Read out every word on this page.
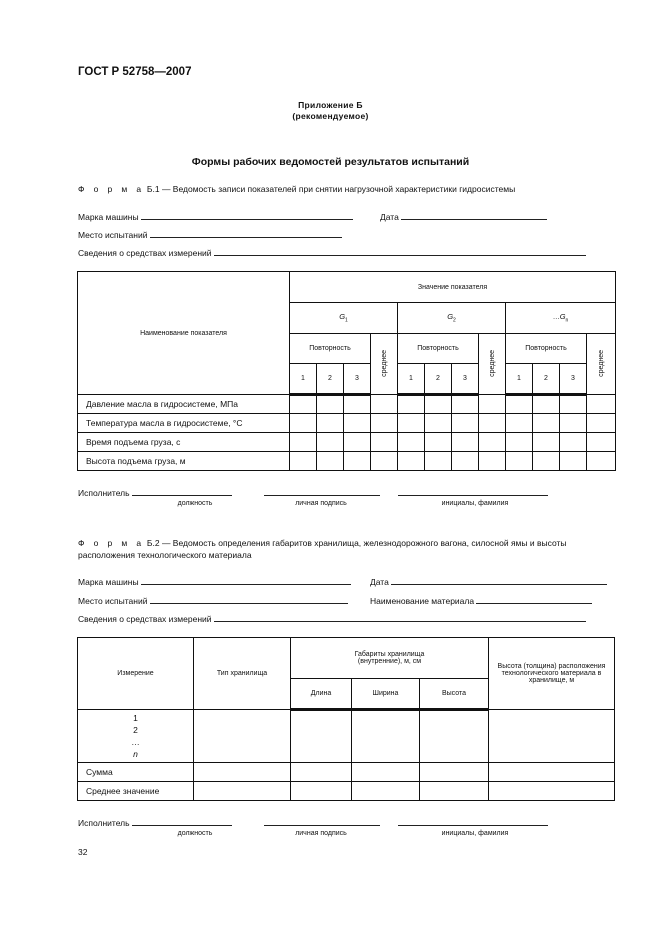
ГОСТ Р 52758—2007
Приложение Б
(рекомендуемое)
Формы рабочих ведомостей результатов испытаний
Ф о р м а Б.1 — Ведомость записи показателей при снятии нагрузочной характеристики гидросистемы
Марка машины	Дата
Место испытаний
Сведения о средствах измерений
Наименование показателя	Значение показателя											
	$G_1$				$G_2$				$\dots G_n$
	Повторность			среднее	Повторность			среднее	Повторность			среднее
	1	2	3		1	2	3		1	2	3	
Давление масла в гидросистеме, МПа												
Температура масла в гидросистеме, °С												
Время подъема груза, с												
Высота подъема груза, м												
Исполнитель
должность	личная подпись	инициалы, фамилия
Ф о р м а Б.2 — Ведомость определения габаритов хранилища, железнодорожного вагона, силосной ямы и высоты расположения технологического материала
Марка машины	Дата
Место испытаний	Наименование материала
Сведения о средствах измерений
Измерение	Тип хранилища	Габариты хранилища (внутренние), м, см			Высота (толщина) расположения технологического материала в хранилище, м

		Длина	Ширина	Высота	

1
2
…
n					

Сумма					
Среднее значение					
Исполнитель
должность	личная подпись	инициалы, фамилия
32
